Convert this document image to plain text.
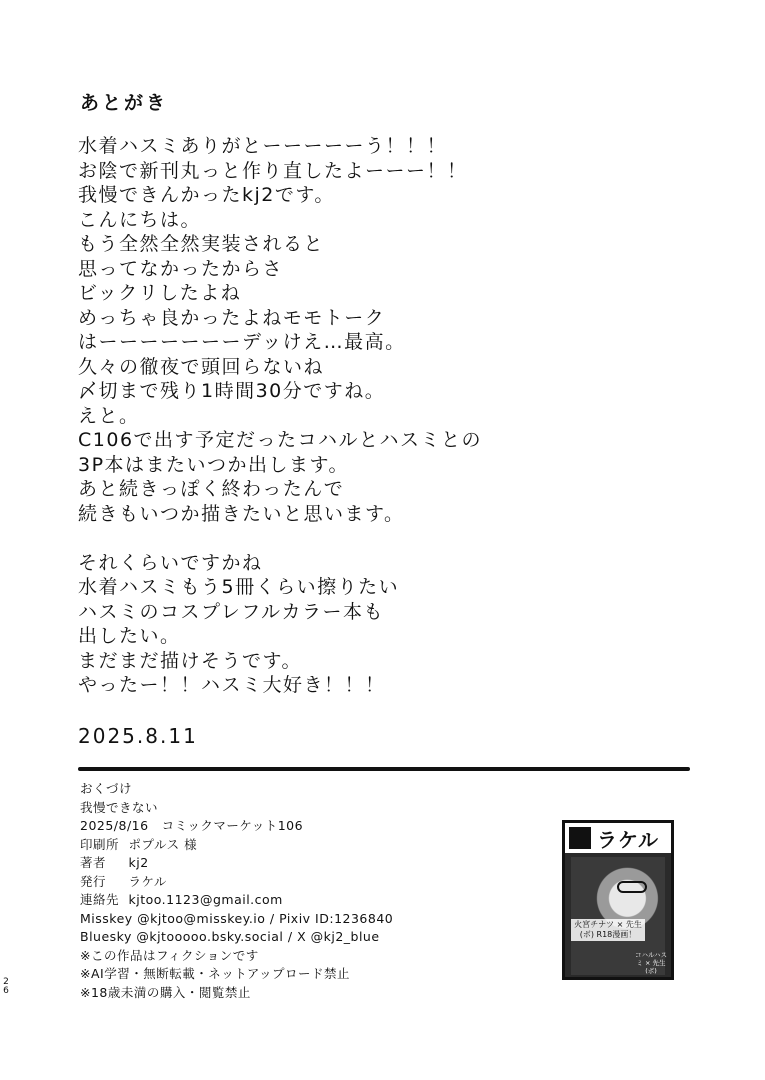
あとがき
水着ハスミありがとーーーーーう！！！
お陰で新刊丸っと作り直したよーーー！！
我慢できんかったkj2です。
こんにちは。
もう全然全然実装されると
思ってなかったからさ
ビックリしたよね
めっちゃ良かったよねモモトーク
はーーーーーーーデッけえ…最高。
久々の徹夜で頭回らないね
〆切まで残り1時間30分ですね。
えと。
C106で出す予定だったコハルとハスミとの
3P本はまたいつか出します。
あと続きっぽく終わったんで
続きもいつか描きたいと思います。
それくらいですかね
水着ハスミもう5冊くらい擦りたい
ハスミのコスプレフルカラー本も
出したい。
まだまだ描けそうです。
やったー！！ハスミ大好き！！！
2025.8.11
おくづけ
我慢できない
2025/8/16　コミックマーケット106
印刷所 ポプルス 様
著者 kj2
発行 ラケル
連絡先 kjtoo.1123@gmail.com
Misskey @kjtoo@misskey.io / Pixiv ID:1236840
Bluesky @kjtooooo.bsky.social / X @kj2_blue
※この作品はフィクションです
※AI学習・無断転載・ネットアップロード禁止
※18歳未満の購入・閲覧禁止
ラケル
火宮チナツ × 先生(ボ) R18漫画！
コハルハスミ × 先生(ボ)
26
